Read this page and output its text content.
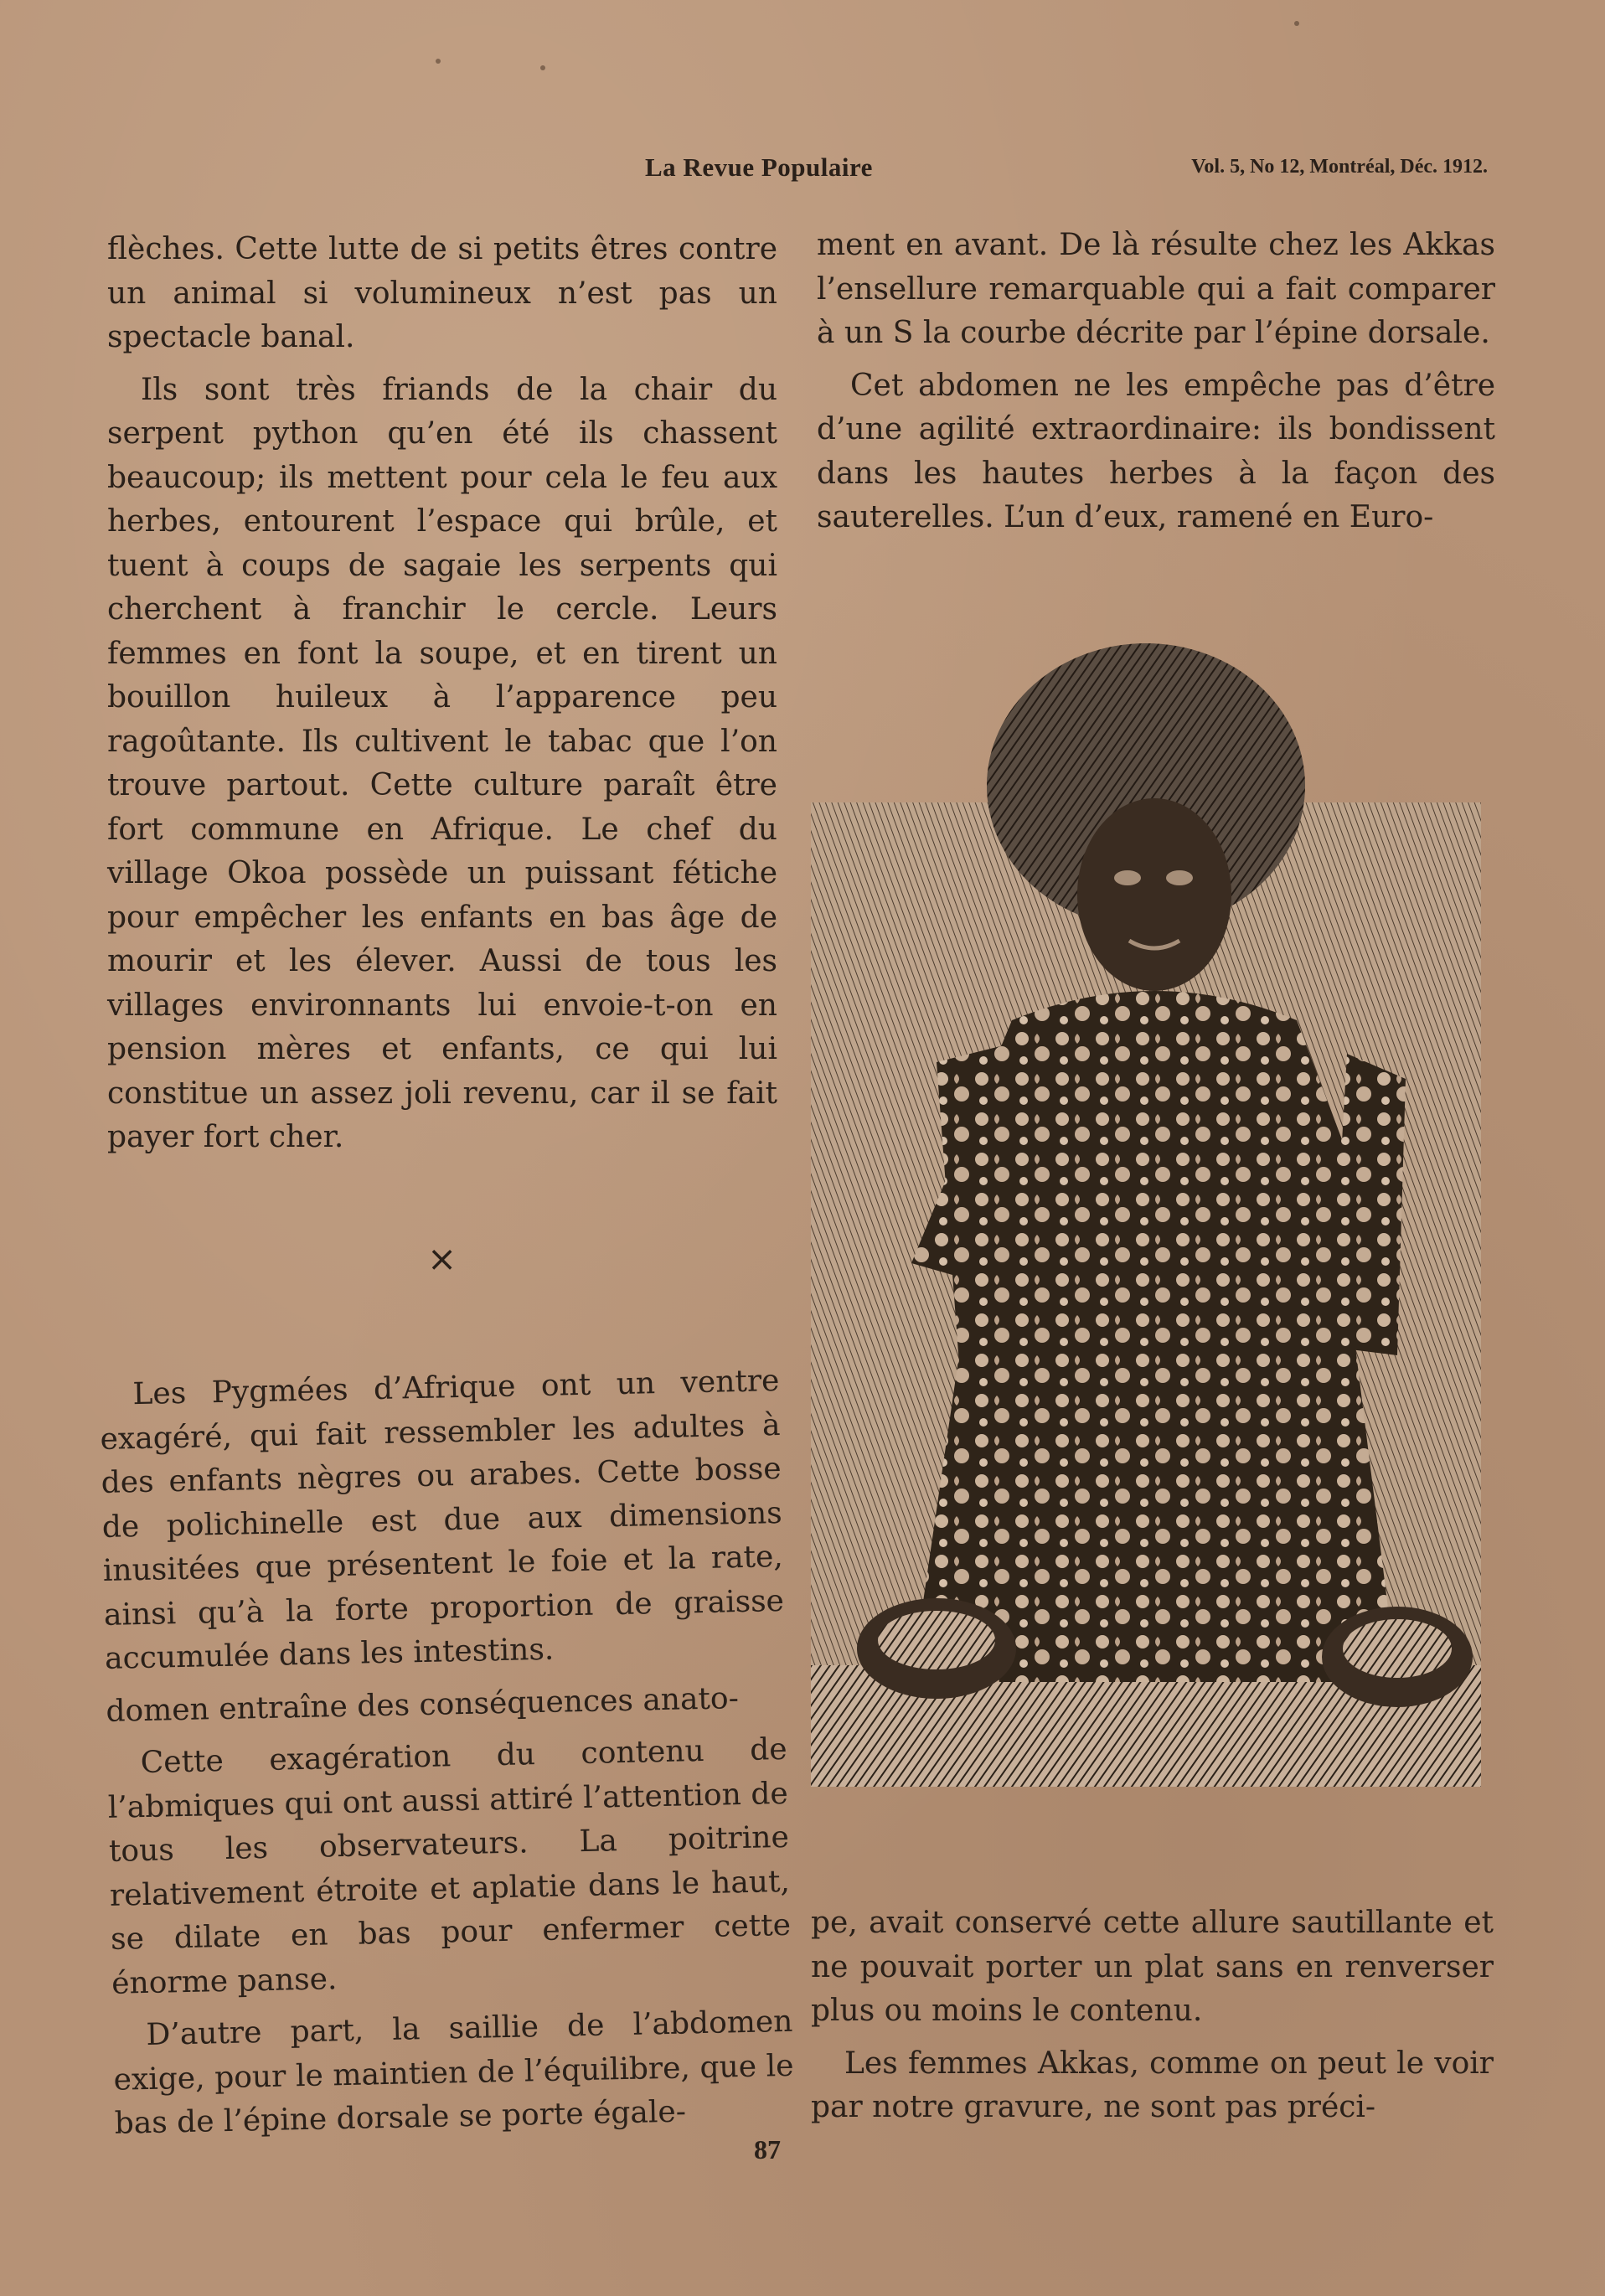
La Revue Populaire	Vol. 5, No 12, Montréal, Déc. 1912.

flèches. Cette lutte de si petits êtres contre un animal si volumineux n’est pas un spectacle banal.

Ils sont très friands de la chair du serpent python qu’en été ils chassent beaucoup; ils mettent pour cela le feu aux herbes, entourent l’espace qui brûle, et tuent à coups de sagaie les serpents qui cherchent à franchir le cercle. Leurs femmes en font la soupe, et en tirent un bouillon huileux à l’apparence peu ragoûtante. Ils cultivent le tabac que l’on trouve partout. Cette culture paraît être fort commune en Afrique. Le chef du village Okoa possède un puissant fétiche pour empêcher les enfants en bas âge de mourir et les élever. Aussi de tous les villages environnants lui envoie-t-on en pension mères et enfants, ce qui lui constitue un assez joli revenu, car il se fait payer fort cher.

×

Les Pygmées d’Afrique ont un ventre exagéré, qui fait ressembler les adultes à des enfants nègres ou arabes. Cette bosse de polichinelle est due aux dimensions inusitées que présentent le foie et la rate, ainsi qu’à la forte proportion de graisse accumulée dans les intestins.

domen entraîne des conséquences anato-

Cette exagération du contenu de l’abmiques qui ont aussi attiré l’attention de tous les observateurs. La poitrine relativement étroite et aplatie dans le haut, se dilate en bas pour enfermer cette énorme panse.

D’autre part, la saillie de l’abdomen exige, pour le maintien de l’équilibre, que le bas de l’épine dorsale se porte égale-

ment en avant. De là résulte chez les Akkas l’ensellure remarquable qui a fait comparer à un S la courbe décrite par l’épine dorsale.

Cet abdomen ne les empêche pas d’être d’une agilité extraordinaire: ils bondissent dans les hautes herbes à la façon des sauterelles. L’un d’eux, ramené en Euro-

pe, avait conservé cette allure sautillante et ne pouvait porter un plat sans en renverser plus ou moins le contenu.

Les femmes Akkas, comme on peut le voir par notre gravure, ne sont pas préci-

87
